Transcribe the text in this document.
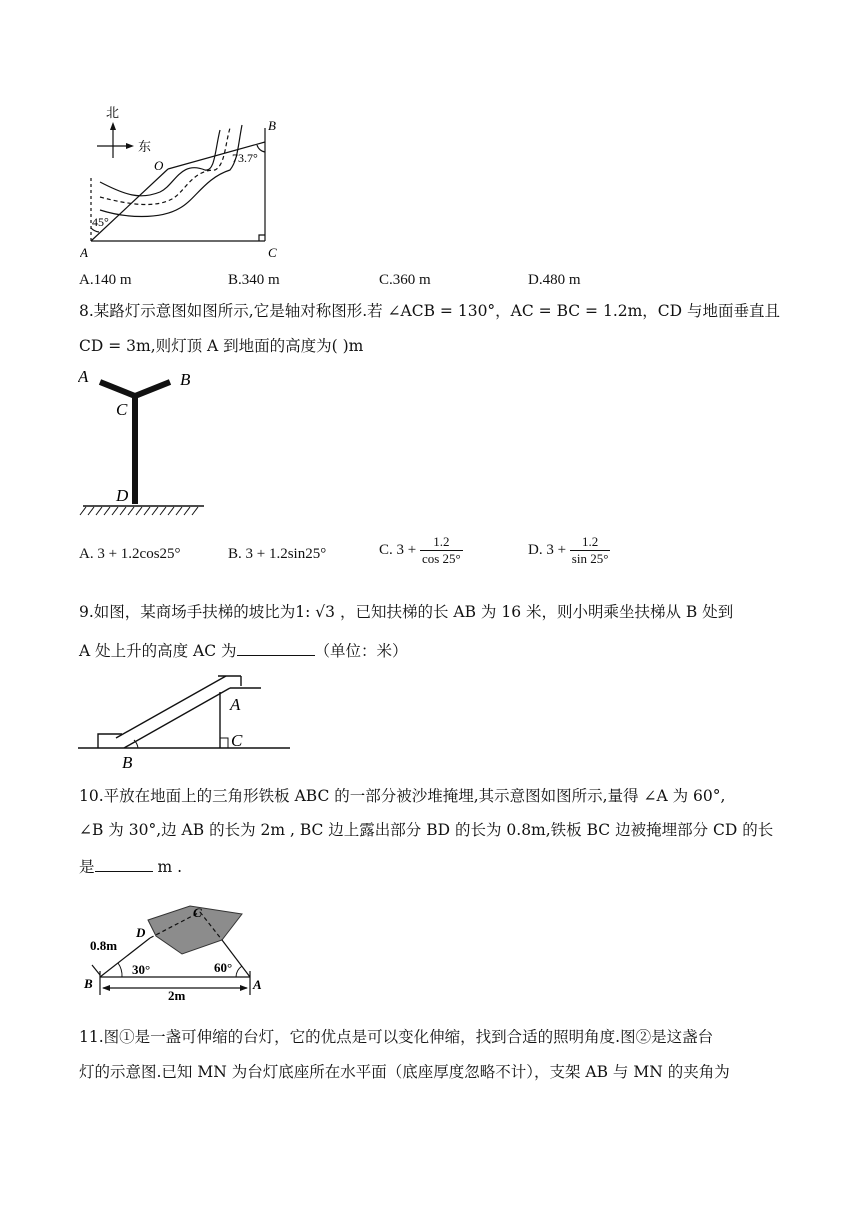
北
东
O
B
73.7°
45°
A	C
A.140 m	B.340 m	C.360 m	D.480 m
8.某路灯示意图如图所示,它是轴对称图形.若 ∠ACB = 130°，AC = BC = 1.2m，CD 与地面垂直且
CD = 3m,则灯顶 A 到地面的高度为( )m
A	B
C
D
A. 3 + 1.2cos25°	B. 3 + 1.2sin25°	C. $3 + \frac{1.2}{\cos 25^\circ}$	D. $3 + \frac{1.2}{\sin 25^\circ}$
9.如图，某商场手扶梯的坡比为1: √3 ，已知扶梯的长 AB 为 16 米，则小明乘坐扶梯从 B 处到
A 处上升的高度 AC 为	（单位：米）
A
C
B
10.平放在地面上的三角形铁板 ABC 的一部分被沙堆掩埋,其示意图如图所示,量得 ∠A 为 60°,
∠B 为 30°,边 AB 的长为 2m , BC 边上露出部分 BD 的长为 0.8m,铁板 BC 边被掩埋部分 CD 的长
是	m .
0.8m
D
C
30°	60°
B	A
2m
11.图①是一盏可伸缩的台灯，它的优点是可以变化伸缩，找到合适的照明角度.图②是这盏台
灯的示意图.已知 MN 为台灯底座所在水平面（底座厚度忽略不计），支架 AB 与 MN 的夹角为
